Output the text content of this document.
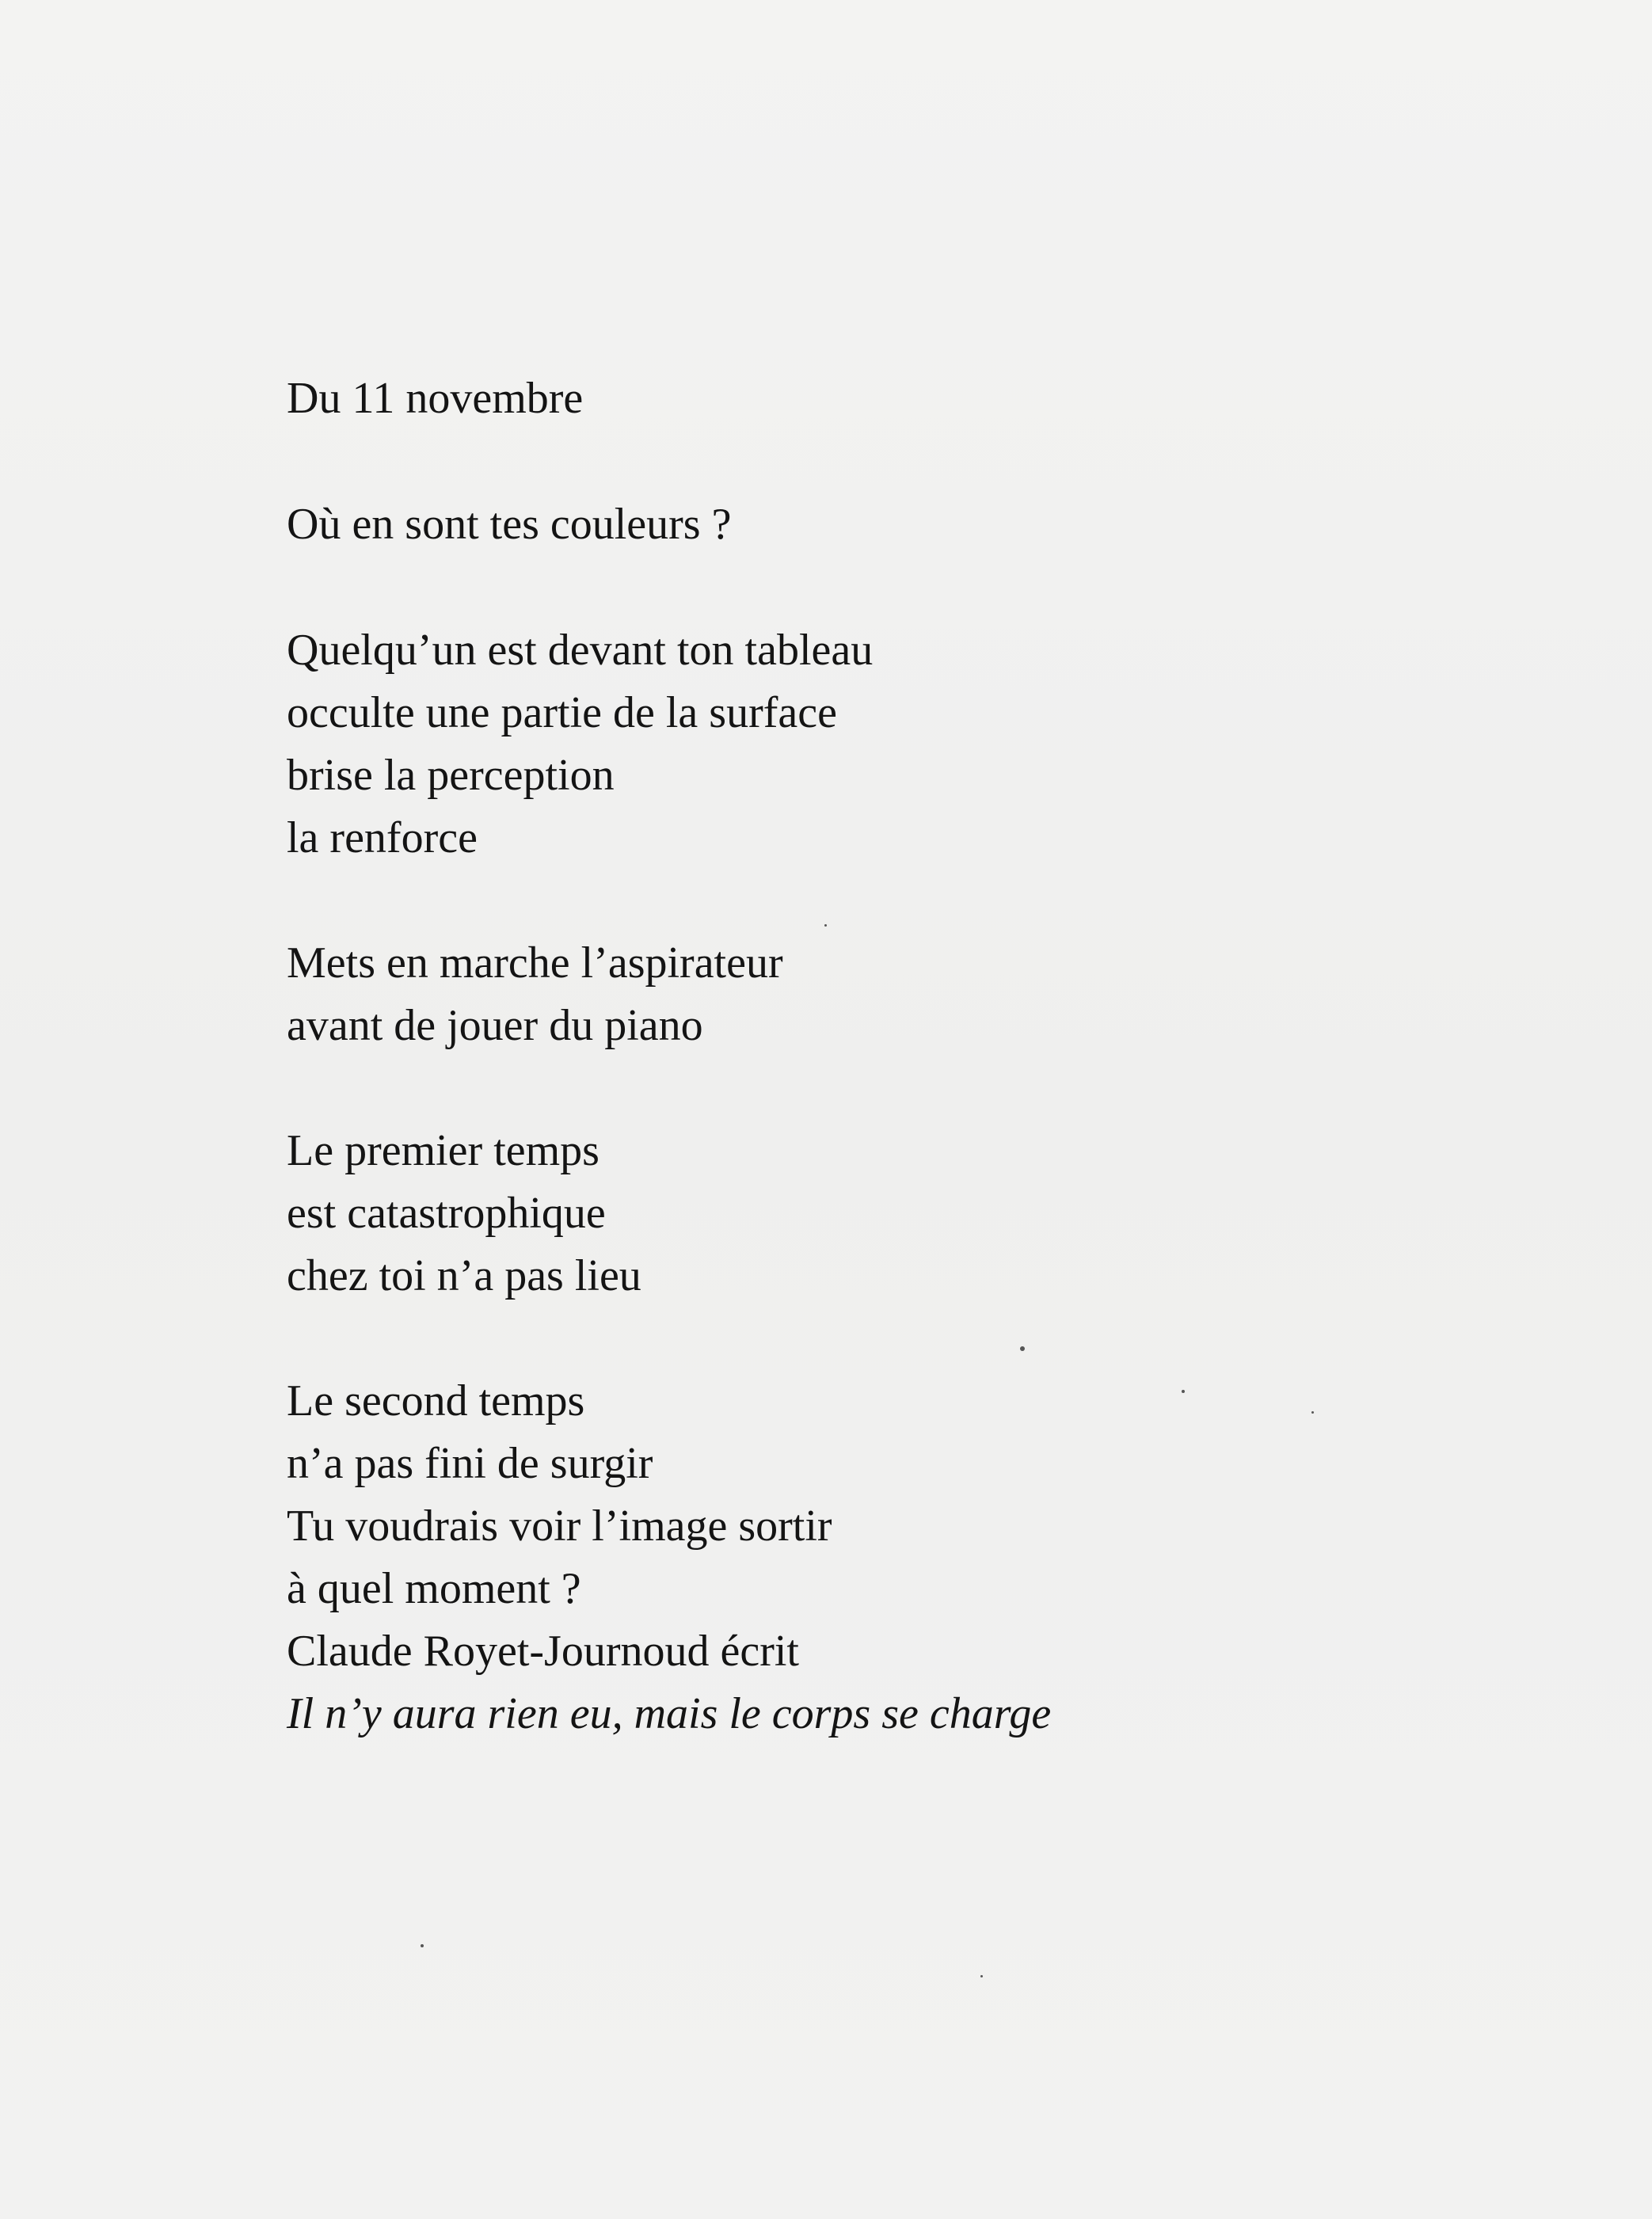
Du 11 novembre
Où en sont tes couleurs ?
Quelqu’un est devant ton tableau
occulte une partie de la surface
brise la perception
la renforce
Mets en marche l’aspirateur
avant de jouer du piano
Le premier temps
est catastrophique
chez toi n’a pas lieu
Le second temps
n’a pas fini de surgir
Tu voudrais voir l’image sortir
à quel moment ?
Claude Royet-Journoud écrit
Il n’y aura rien eu, mais le corps se charge
